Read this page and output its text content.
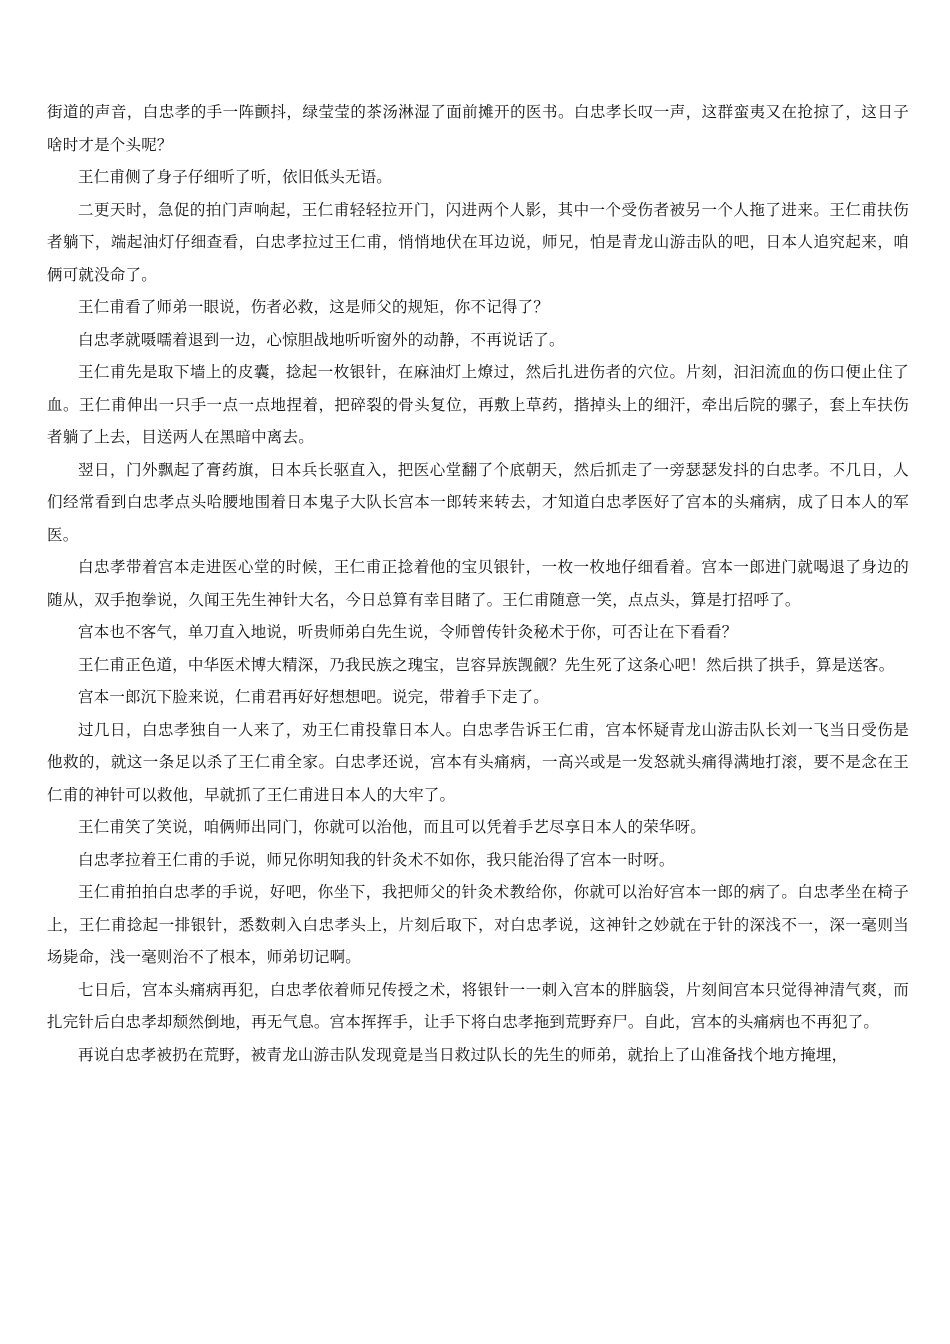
街道的声音，白忠孝的手一阵颤抖，绿莹莹的茶汤淋湿了面前摊开的医书。白忠孝长叹一声，这群蛮夷又在抢掠了，这日子啥时才是个头呢？

王仁甫侧了身子仔细听了听，依旧低头无语。

二更天时，急促的拍门声响起，王仁甫轻轻拉开门，闪进两个人影，其中一个受伤者被另一个人拖了进来。王仁甫扶伤者躺下，端起油灯仔细查看，白忠孝拉过王仁甫，悄悄地伏在耳边说，师兄，怕是青龙山游击队的吧，日本人追究起来，咱俩可就没命了。

王仁甫看了师弟一眼说，伤者必救，这是师父的规矩，你不记得了？

白忠孝就嗫嚅着退到一边，心惊胆战地听听窗外的动静，不再说话了。

王仁甫先是取下墙上的皮囊，捻起一枚银针，在麻油灯上燎过，然后扎进伤者的穴位。片刻，汩汩流血的伤口便止住了血。王仁甫伸出一只手一点一点地捏着，把碎裂的骨头复位，再敷上草药，揩掉头上的细汗，牵出后院的骡子，套上车扶伤者躺了上去，目送两人在黑暗中离去。

翌日，门外飘起了膏药旗，日本兵长驱直入，把医心堂翻了个底朝天，然后抓走了一旁瑟瑟发抖的白忠孝。不几日，人们经常看到白忠孝点头哈腰地围着日本鬼子大队长宫本一郎转来转去，才知道白忠孝医好了宫本的头痛病，成了日本人的军医。

白忠孝带着宫本走进医心堂的时候，王仁甫正捻着他的宝贝银针，一枚一枚地仔细看着。宫本一郎进门就喝退了身边的随从，双手抱拳说，久闻王先生神针大名，今日总算有幸目睹了。王仁甫随意一笑，点点头，算是打招呼了。

宫本也不客气，单刀直入地说，听贵师弟白先生说，令师曾传针灸秘术于你，可否让在下看看？

王仁甫正色道，中华医术博大精深，乃我民族之瑰宝，岂容异族觊觎？先生死了这条心吧！然后拱了拱手，算是送客。

宫本一郎沉下脸来说，仁甫君再好好想想吧。说完，带着手下走了。

过几日，白忠孝独自一人来了，劝王仁甫投靠日本人。白忠孝告诉王仁甫，宫本怀疑青龙山游击队长刘一飞当日受伤是他救的，就这一条足以杀了王仁甫全家。白忠孝还说，宫本有头痛病，一高兴或是一发怒就头痛得满地打滚，要不是念在王仁甫的神针可以救他，早就抓了王仁甫进日本人的大牢了。

王仁甫笑了笑说，咱俩师出同门，你就可以治他，而且可以凭着手艺尽享日本人的荣华呀。

白忠孝拉着王仁甫的手说，师兄你明知我的针灸术不如你，我只能治得了宫本一时呀。

王仁甫拍拍白忠孝的手说，好吧，你坐下，我把师父的针灸术教给你，你就可以治好宫本一郎的病了。白忠孝坐在椅子上，王仁甫捻起一排银针，悉数刺入白忠孝头上，片刻后取下，对白忠孝说，这神针之妙就在于针的深浅不一，深一毫则当场毙命，浅一毫则治不了根本，师弟切记啊。

七日后，宫本头痛病再犯，白忠孝依着师兄传授之术，将银针一一刺入宫本的胖脑袋，片刻间宫本只觉得神清气爽，而扎完针后白忠孝却颓然倒地，再无气息。宫本挥挥手，让手下将白忠孝拖到荒野弃尸。自此，宫本的头痛病也不再犯了。

再说白忠孝被扔在荒野，被青龙山游击队发现竟是当日救过队长的先生的师弟，就抬上了山准备找个地方掩埋，
